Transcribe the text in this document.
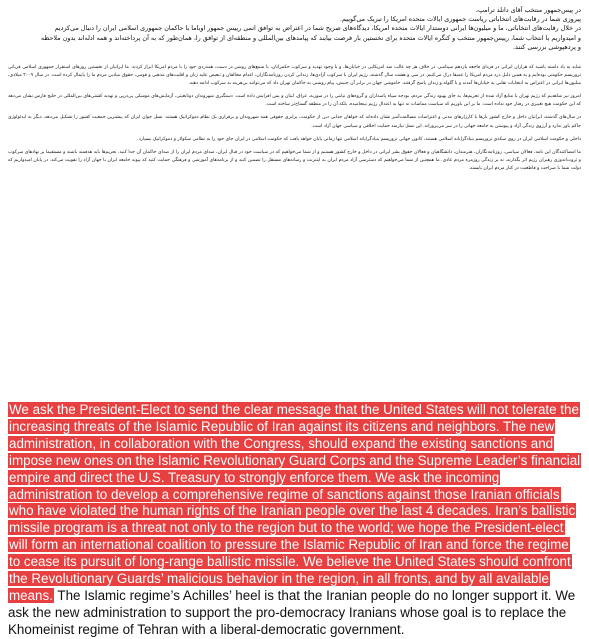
در پیس‌جمهور منتخب آقای دانلد ترامپ،
پیروزی شما در رقابت‌های انتخاباتی ریاست جمهوری ایالات متحده امریکا را تبریک می‌گوییم.
در خلال رقابت‌های انتخاباتی، ما و میلیون‌ها ایرانی دوستدار ایالات متحده امریکا، دیدگاه‌های صریح شما در اعتراض به توافق اتمی رییس جمهور اوباما با حاکمان جمهوری اسلامی ایران را دنبال می‌کردیم
و امیدواریم با انتخاب شما، رییس‌جمهور منتخب و کنگره ایالات متحده برای نخستین بار فرصت بیابند که پیامدهای بین‌المللی و منطقه‌ای از توافق را، همان‌طور که به آن پرداخته‌اند و همه ادله‌اند بدون ملاحظه
و پردهپوشی بررسی کنند.

شاید به یاد داشته باشید که هزاران ایرانی در فردای فاجعه یازدهم سپتامبر، در خلاف هر چه غالب ضد امریکایی در خیابان‌ها، و با وجود تهدید و سرکوب حکمرانان، با شمع‌های روشن در دست، همدردی خود را با مردم امریکا ابراز کردند. ما ایرانیان از نخستین روزهای استقرار جمهوری اسلامی قربانی تروریسم حکومتی بوده‌ایم و به همین دلیل درد مردم امریکا را عمیقا درک می‌کنیم. در سی و هشت سال گذشته، رژیم ایران با سرکوب آزادی‌ها، زندانی کردن روزنامه‌نگاران، اعدام مخالفان و تبعیض علیه زنان و اقلیت‌های مذهبی و قومی، حقوق بنیادین مردم ما را پایمال کرده است. در سال ۲۰۰۹ میلادی، میلیون‌ها ایرانی در اعتراض به انتخابات تقلبی به خیابان‌ها آمدند و با گلوله و زندان پاسخ گرفتند. خاموشی جهان در برابر آن جنبش، پیام روشنی به حاکمان تهران داد که می‌توانند بی‌هزینه به سرکوب ادامه دهند.

امروز نیز شاهدیم که رژیم تهران با منابع آزاد شده از تحریم‌ها، به جای بهبود زندگی مردم، بودجه سپاه پاسداران و گروه‌های نیابتی را در سوریه، عراق، لبنان و یمن افزایش داده است. دستگیری شهروندان دوتابعیتی، آزمایش‌های موشکی پی‌درپی و تهدید کشتی‌های بین‌المللی در خلیج فارس نشان می‌دهد که این حکومت هیچ تغییری در رفتار خود نداده است. ما بر این باوریم که سیاست مماشات نه تنها به اعتدال رژیم نینجامیده، بلکه آن را در منطقه گستاخ‌تر ساخته است.

در سال‌های گذشته، ایرانیان داخل و خارج کشور بارها با کارزارهای مدنی و اعتراضات مسالمت‌آمیز نشان داده‌اند که خواهان جدایی دین از حکومت، برابری حقوقی همه شهروندان و برقراری یک نظام دموکراتیک هستند. نسل جوان ایران که بیشترین جمعیت کشور را تشکیل می‌دهد، دیگر به ایدئولوژی حاکم باور ندارد و آرزوی زندگی آزاد و پیوستن به جامعه جهانی را در سر می‌پروراند. این نسل نیازمند حمایت اخلاقی و سیاسی جهان آزاد است.

داخلی و حکومت اسلامی ایران در روی سکه‌ی تروریسم بنیادگرایانه اسلامی هستند، کانون جهانی تروریسم بنیادگرایانه اسلامی تنها زمانی پایان خواهد یافت که حکومت اسلامی در ایران جای خود را به نظامی سکولار و دموکراتیک بسپارد.

ما امضاکنندگان این نامه، فعالان سیاسی، روزنامه‌نگاران، هنرمندان، دانشگاهیان و فعالان حقوق بشر ایرانی در داخل و خارج کشور هستیم و از شما می‌خواهیم که در سیاست خود در قبال ایران، صدای مردم ایران را از صدای حاکمان آن جدا کنید. تحریم‌ها باید هدفمند باشند و مستقیما بر نهادهای سرکوب و ثروت‌اندوزی رهبران رژیم اثر بگذارند، نه بر زندگی روزمره مردم عادی. ما همچنین از شما می‌خواهیم که دسترسی آزاد مردم ایران به اینترنت و رسانه‌های مستقل را تضمین کنید و از برنامه‌های آموزشی و فرهنگی حمایت کنید که پیوند جامعه ایران با جهان آزاد را تقویت می‌کند. در پایان امیدواریم که دولت شما با صراحت و قاطعیت در کنار مردم ایران بایستد.

We ask the President-Elect to send the clear message that the United States will not tolerate the increasing threats of the Islamic Republic of Iran against its citizens and neighbors. The new administration, in collaboration with the Congress, should expand the existing sanctions and impose new ones on the Islamic Revolutionary Guard Corps and the Supreme Leader’s financial empire and direct the U.S. Treasury to strongly enforce them. We ask the incoming administration to develop a comprehensive regime of sanctions against those Iranian officials who have violated the human rights of the Iranian people over the last 4 decades. Iran’s ballistic missile program is a threat not only to the region but to the world; we hope the President-elect will form an international coalition to pressure the Islamic Republic of Iran and force the regime to cease its pursuit of long-range ballistic missile. We believe the United States should confront the Revolutionary Guards’ malicious behavior in the region, in all fronts, and by all available means. The Islamic regime’s Achilles’ heel is that the Iranian people do no longer support it. We ask the new administration to support the pro-democracy Iranians whose goal is to replace the Khomeinist regime of Tehran with a liberal-democratic government.
